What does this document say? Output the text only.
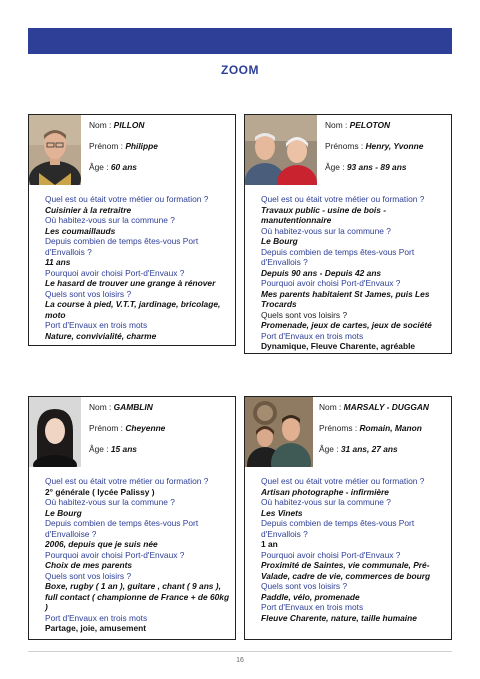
ZOOM
Nom : PILLON
Prénom : Philippe
Âge : 60 ans
Quel est ou était votre métier ou formation ?
Cuisinier à la retraitre
Où habitez-vous sur la commune ?
Les coumaillauds
Depuis combien de temps êtes-vous Port d'Envallois ?
11 ans
Pourquoi avoir choisi Port-d'Envaux ?
Le hasard de trouver une grange à rénover
Quels sont vos loisirs ?
La course à pied, V.T.T, jardinage, bricolage, moto
Port d'Envaux en trois mots
Nature, convivialité, charme
Nom : PELOTON
Prénoms : Henry, Yvonne
Âge : 93 ans - 89 ans
Quel est ou était votre métier ou formation ?
Travaux public - usine de bois - manutentionnaire
Où habitez-vous sur la commune ?
Le Bourg
Depuis combien de temps êtes-vous Port d'Envallois ?
Depuis 90 ans - Depuis 42 ans
Pourquoi avoir choisi Port-d'Envaux ?
Mes parents habitaient St James, puis Les Trocards
Quels sont vos loisirs ?
Promenade, jeux de cartes, jeux de société
Port d'Envaux en trois mots
Dynamique, Fleuve Charente, agréable
Nom : GAMBLIN
Prénom : Cheyenne
Âge : 15 ans
Quel est ou était votre métier ou formation ?
2° générale ( lycée Palissy )
Où habitez-vous sur la commune ?
Le Bourg
Depuis combien de temps êtes-vous Port d'Envalloise ?
2006, depuis que je suis née
Pourquoi avoir choisi Port-d'Envaux ?
Choix de mes parents
Quels sont vos loisirs ?
Boxe, rugby ( 1 an ), guitare , chant ( 9 ans ), full contact ( championne de France + de 60kg )
Port d'Envaux en trois mots
Partage, joie, amusement
Nom : MARSALY - DUGGAN
Prénoms : Romain, Manon
Âge : 31 ans, 27 ans
Quel est ou était votre métier ou formation ?
Artisan photographe - infirmière
Où habitez-vous sur la commune ?
Les Vinets
Depuis combien de temps êtes-vous Port d'Envallois ?
1 an
Pourquoi avoir choisi Port-d'Envaux ?
Proximité de Saintes, vie communale, Pré-Valade, cadre de vie, commerces de bourg
Quels sont vos loisirs ?
Paddle, vélo, promenade
Port d'Envaux en trois mots
Fleuve Charente, nature, taille humaine
16
